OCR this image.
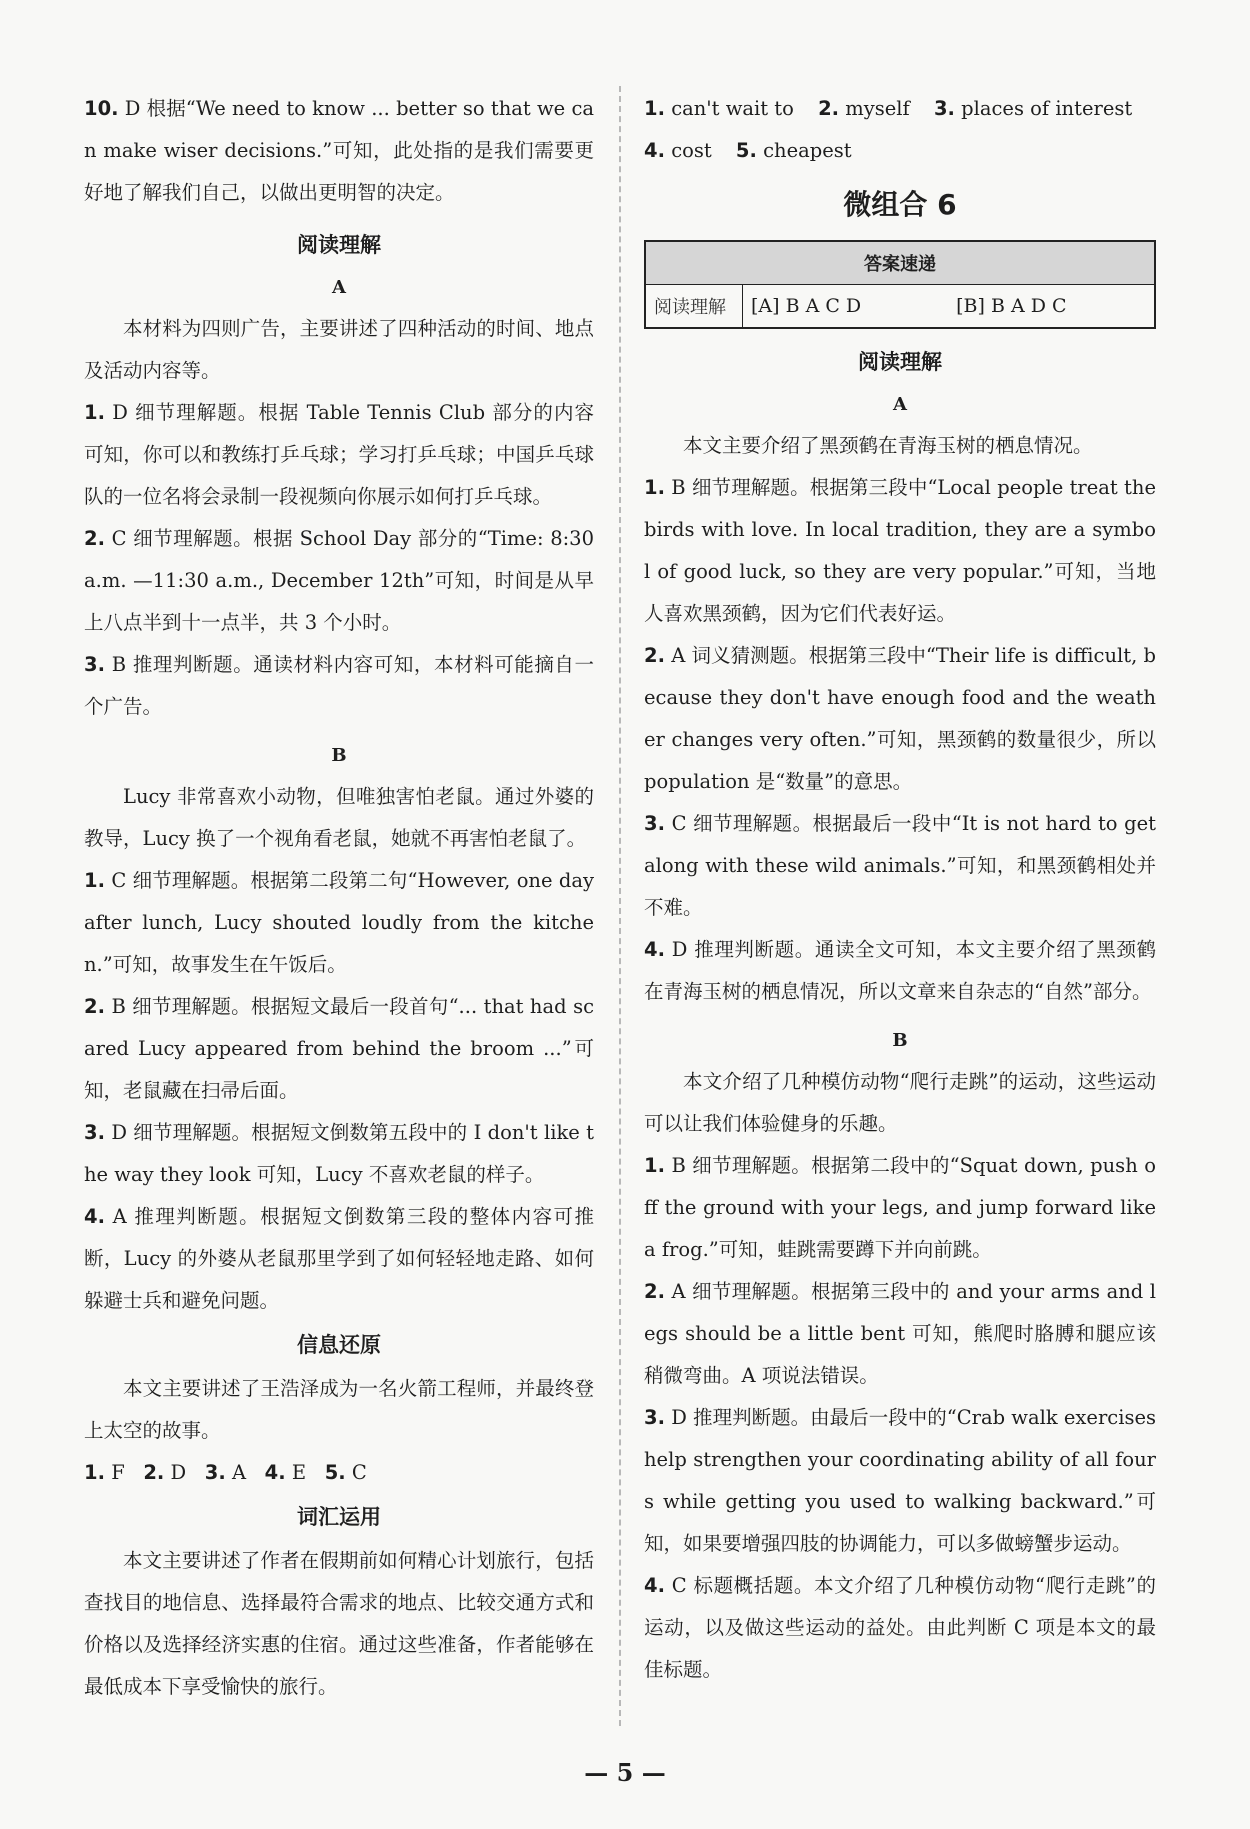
10. D 根据“We need to know ... better so that we can make wiser decisions.”可知，此处指的是我们需要更好地了解我们自己，以做出更明智的决定。

阅读理解

A

本材料为四则广告，主要讲述了四种活动的时间、地点及活动内容等。

1. D 细节理解题。根据 Table Tennis Club 部分的内容可知，你可以和教练打乒乓球；学习打乒乓球；中国乒乓球队的一位名将会录制一段视频向你展示如何打乒乓球。

2. C 细节理解题。根据 School Day 部分的“Time: 8:30 a.m. —11:30 a.m., December 12th”可知，时间是从早上八点半到十一点半，共 3 个小时。

3. B 推理判断题。通读材料内容可知，本材料可能摘自一个广告。

B

Lucy 非常喜欢小动物，但唯独害怕老鼠。通过外婆的教导，Lucy 换了一个视角看老鼠，她就不再害怕老鼠了。

1. C 细节理解题。根据第二段第二句“However, one day after lunch, Lucy shouted loudly from the kitchen.”可知，故事发生在午饭后。

2. B 细节理解题。根据短文最后一段首句“... that had scared Lucy appeared from behind the broom ...”可知，老鼠藏在扫帚后面。

3. D 细节理解题。根据短文倒数第五段中的 I don't like the way they look 可知，Lucy 不喜欢老鼠的样子。

4. A 推理判断题。根据短文倒数第三段的整体内容可推断，Lucy 的外婆从老鼠那里学到了如何轻轻地走路、如何躲避士兵和避免问题。

信息还原

本文主要讲述了王浩泽成为一名火箭工程师，并最终登上太空的故事。

1. F 2. D 3. A 4. E 5. C

词汇运用

本文主要讲述了作者在假期前如何精心计划旅行，包括查找目的地信息、选择最符合需求的地点、比较交通方式和价格以及选择经济实惠的住宿。通过这些准备，作者能够在最低成本下享受愉快的旅行。

1. can't wait to 2. myself 3. places of interest

4. cost 5. cheapest

微组合 6

答案速递
阅读理解	[A] B A C D	[B] B A D C

阅读理解

A

本文主要介绍了黑颈鹤在青海玉树的栖息情况。

1. B 细节理解题。根据第三段中“Local people treat the birds with love. In local tradition, they are a symbol of good luck, so they are very popular.”可知，当地人喜欢黑颈鹤，因为它们代表好运。

2. A 词义猜测题。根据第三段中“Their life is difficult, because they don't have enough food and the weather changes very often.”可知，黑颈鹤的数量很少，所以 population 是“数量”的意思。

3. C 细节理解题。根据最后一段中“It is not hard to get along with these wild animals.”可知，和黑颈鹤相处并不难。

4. D 推理判断题。通读全文可知，本文主要介绍了黑颈鹤在青海玉树的栖息情况，所以文章来自杂志的“自然”部分。

B

本文介绍了几种模仿动物“爬行走跳”的运动，这些运动可以让我们体验健身的乐趣。

1. B 细节理解题。根据第二段中的“Squat down, push off the ground with your legs, and jump forward like a frog.”可知，蛙跳需要蹲下并向前跳。

2. A 细节理解题。根据第三段中的 and your arms and legs should be a little bent 可知，熊爬时胳膊和腿应该稍微弯曲。A 项说法错误。

3. D 推理判断题。由最后一段中的“Crab walk exercises help strengthen your coordinating ability of all fours while getting you used to walking backward.”可知，如果要增强四肢的协调能力，可以多做螃蟹步运动。

4. C 标题概括题。本文介绍了几种模仿动物“爬行走跳”的运动，以及做这些运动的益处。由此判断 C 项是本文的最佳标题。

— 5 —
